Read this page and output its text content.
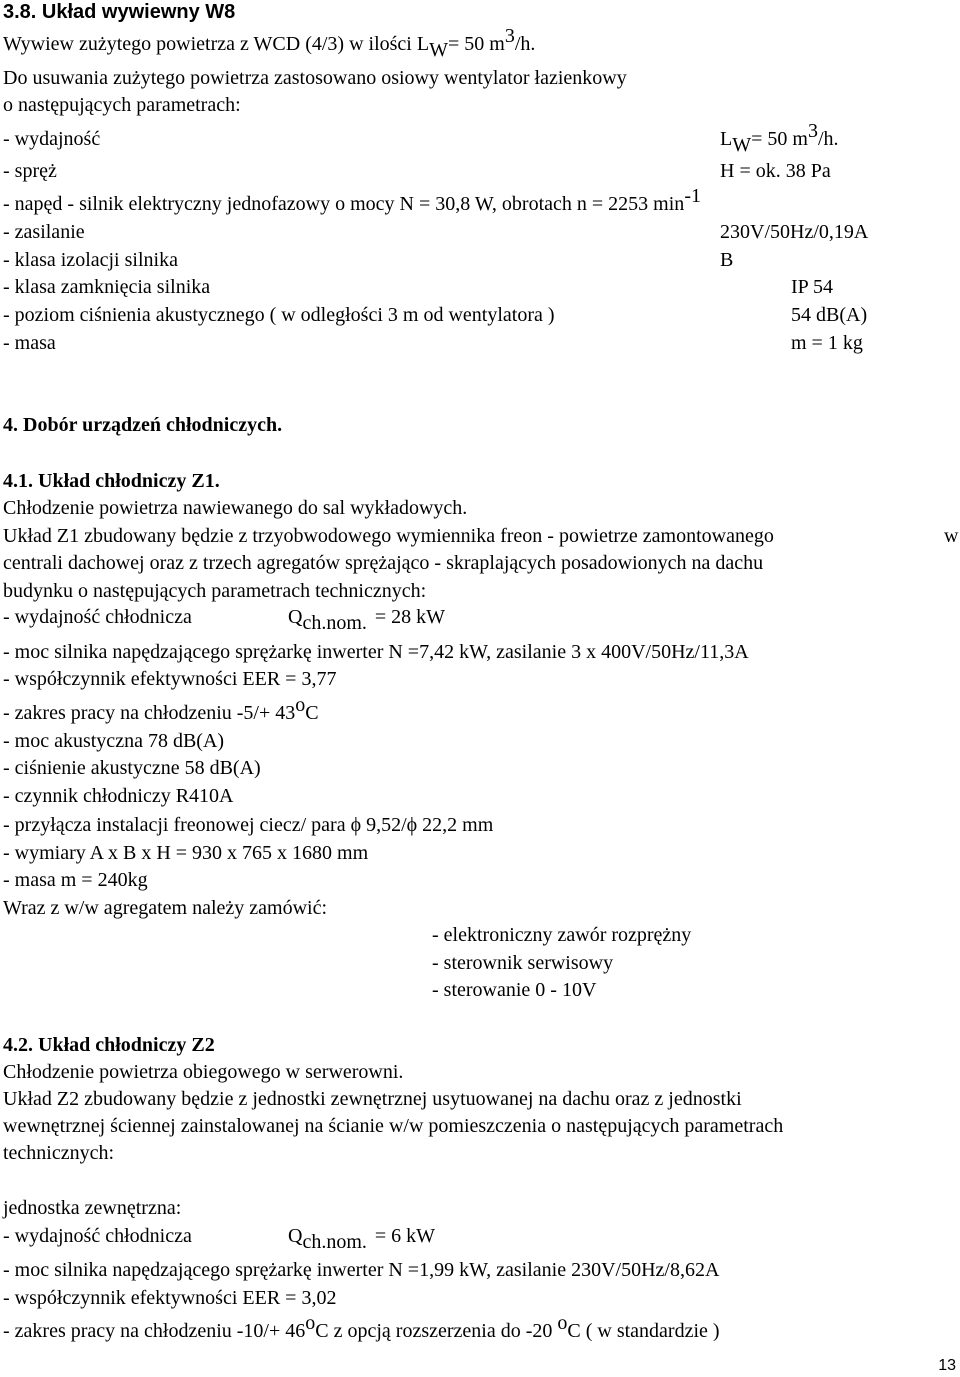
3.8. Układ wywiewny W8
Wywiew zużytego powietrza z WCD (4/3) w ilości $L_W= 50$ $m^3/h$.
Do usuwania zużytego powietrza zastosowano osiowy wentylator łazienkowy
o następujących parametrach:
- wydajność	$L_W= 50$ $m^3/h$.
- spręż	H = ok. 38 Pa
- napęd - silnik elektryczny jednofazowy o mocy N = 30,8 W, obrotach n = 2253 $\min^{-1}$
- zasilanie	230V/50Hz/0,19A
- klasa izolacji silnika	B
- klasa zamknięcia silnika	IP 54
- poziom ciśnienia akustycznego ( w odległości 3 m od wentylatora )	54 dB(A)
- masa	m = 1 kg
4. Dobór urządzeń chłodniczych.
4.1. Układ chłodniczy Z1.
Chłodzenie powietrza nawiewanego do sal wykładowych.
Układ Z1 zbudowany będzie z trzyobwodowego wymiennika freon - powietrze zamontowanego	w
centrali dachowej oraz z trzech agregatów sprężająco - skraplających posadowionych na dachu
budynku o następujących parametrach technicznych:
- wydajność chłodnicza	$Q_{ch.nom.} = 28$ kW
- moc silnika napędzającego sprężarkę inwerter N =7,42 kW, zasilanie 3 x 400V/50Hz/11,3A
- współczynnik efektywności EER = 3,77
- zakres pracy na chłodzeniu $-5/+ 43^oC$
- moc akustyczna 78 dB(A)
- ciśnienie akustyczne 58 dB(A)
- czynnik chłodniczy R410A
- przyłącza instalacji freonowej ciecz/ para ϕ 9,52/ϕ 22,2 mm
- wymiary A x B x H = 930 x 765 x 1680 mm
- masa m = 240kg
Wraz z w/w agregatem należy zamówić:
- elektroniczny zawór rozprężny
- sterownik serwisowy
- sterowanie 0 - 10V
4.2. Układ chłodniczy Z2
Chłodzenie powietrza obiegowego w serwerowni.
Układ Z2 zbudowany będzie z jednostki zewnętrznej usytuowanej na dachu oraz z jednostki
wewnętrznej ściennej zainstalowanej na ścianie w/w pomieszczenia o następujących parametrach
technicznych:
jednostka zewnętrzna:
- wydajność chłodnicza	$Q_{ch.nom.} = 6$ kW
- moc silnika napędzającego sprężarkę inwerter N =1,99 kW, zasilanie 230V/50Hz/8,62A
- współczynnik efektywności EER = 3,02
- zakres pracy na chłodzeniu $-10/+ 46^oC$ z opcją rozszerzenia do -20 $^o$C ( w standardzie )
13
